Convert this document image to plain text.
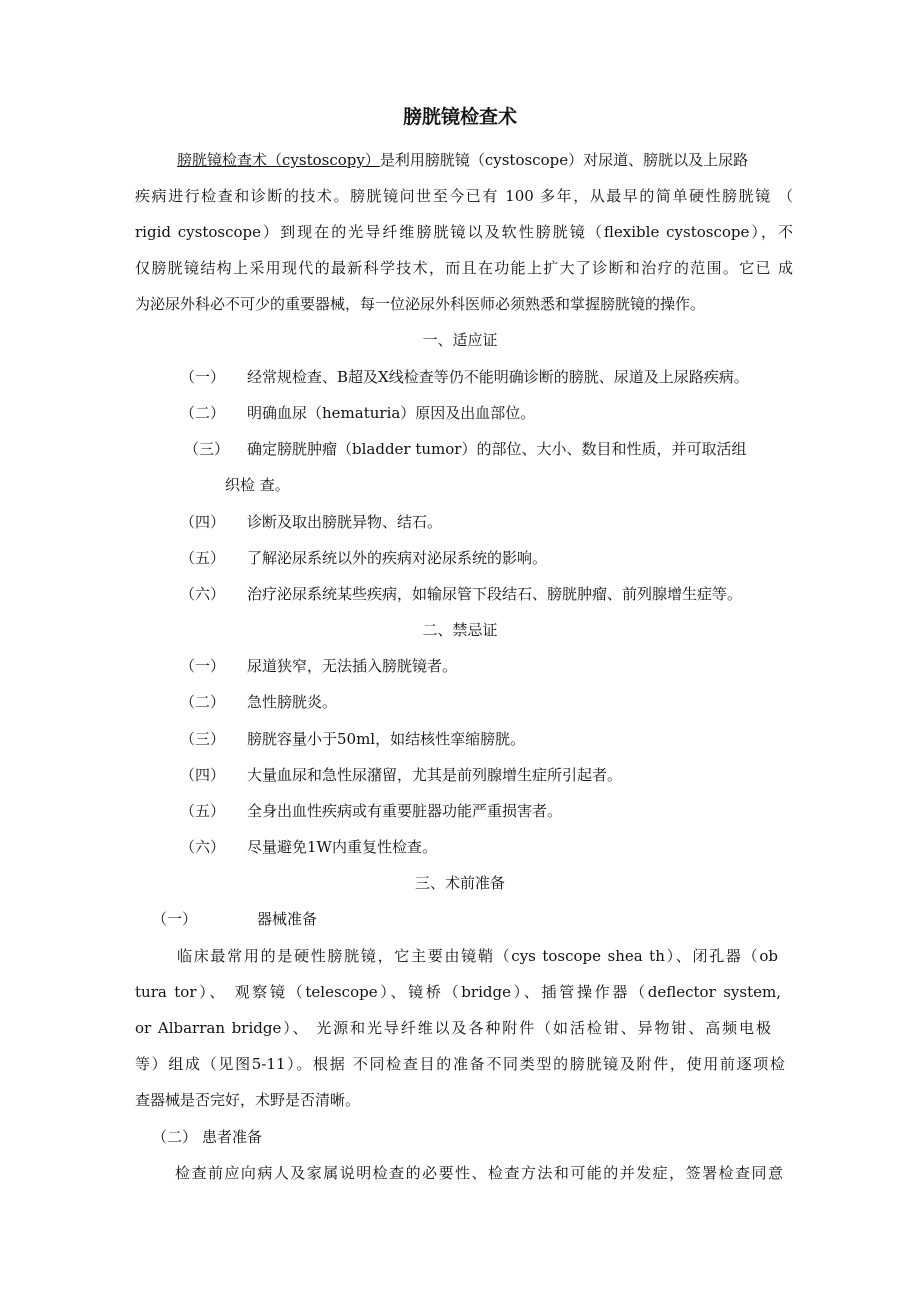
膀胱镜检查术
膀胱镜检查术（cystoscopy）是利用膀胱镜（cystoscope）对尿道、膀胱以及上尿路
疾病进行检查和诊断的技术。膀胱镜问世至今已有 100 多年，从最早的简单硬性膀胱镜 （
rigid cystoscope）到现在的光导纤维膀胱镜以及软性膀胱镜（flexible cystoscope），不
仅膀胱镜结构上采用现代的最新科学技术，而且在功能上扩大了诊断和治疗的范围。它已 成
为泌尿外科必不可少的重要器械，每一位泌尿外科医师必须熟悉和掌握膀胱镜的操作。
一、适应证
（一） 经常规检查、B超及X线检查等仍不能明确诊断的膀胱、尿道及上尿路疾病。
（二） 明确血尿（hematuria）原因及出血部位。
（三） 确定膀胱肿瘤（bladder tumor）的部位、大小、数目和性质，并可取活组
织检 查。
（四） 诊断及取出膀胱异物、结石。
（五） 了解泌尿系统以外的疾病对泌尿系统的影响。
（六） 治疗泌尿系统某些疾病，如输尿管下段结石、膀胱肿瘤、前列腺增生症等。
二、禁忌证
（一） 尿道狭窄，无法插入膀胱镜者。
（二） 急性膀胱炎。
（三） 膀胱容量小于50ml，如结核性挛缩膀胱。
（四） 大量血尿和急性尿潴留，尤其是前列腺增生症所引起者。
（五） 全身出血性疾病或有重要脏器功能严重损害者。
（六） 尽量避免1W内重复性检查。
三、术前准备
（一）	器械准备
临床最常用的是硬性膀胱镜，它主要由镜鞘（cys toscope shea th）、闭孔器（ob
tura tor）、 观察镜（telescope）、镜桥（bridge）、插管操作器（deflector system,
or Albarran bridge）、 光源和光导纤维以及各种附件（如活检钳、异物钳、高频电极
等）组成（见图5-11）。根据 不同检查目的准备不同类型的膀胱镜及附件，使用前逐项检
查器械是否完好，术野是否清晰。
（二） 患者准备
检查前应向病人及家属说明检查的必要性、检查方法和可能的并发症，签署检查同意
